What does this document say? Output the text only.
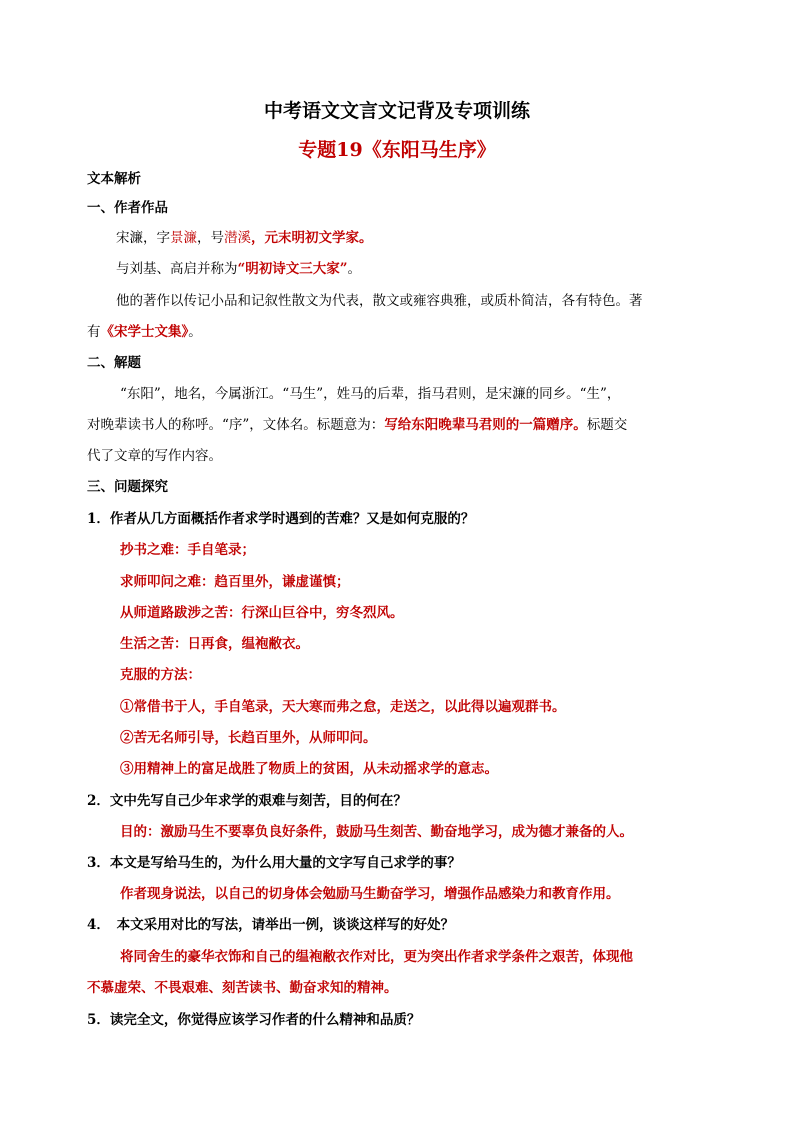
中考语文文言文记背及专项训练
专题19《东阳马生序》
文本解析
一、作者作品
宋濂，字景濂，号潜溪，元末明初文学家。
与刘基、高启并称为“明初诗文三大家”。
他的著作以传记小品和记叙性散文为代表，散文或雍容典雅，或质朴简洁，各有特色。著
有《宋学士文集》。
二、解题
“东阳”，地名，今属浙江。“马生”，姓马的后辈，指马君则，是宋濂的同乡。“生”，
对晚辈读书人的称呼。“序”，文体名。标题意为：写给东阳晚辈马君则的一篇赠序。标题交
代了文章的写作内容。
三、问题探究
1．作者从几方面概括作者求学时遇到的苦难？又是如何克服的？
抄书之难：手自笔录；
求师叩问之难：趋百里外，谦虚谨慎；
从师道路跋涉之苦：行深山巨谷中，穷冬烈风。
生活之苦：日再食，缊袍敝衣。
克服的方法：
①常借书于人，手自笔录，天大寒而弗之怠，走送之，以此得以遍观群书。
②苦无名师引导，长趋百里外，从师叩问。
③用精神上的富足战胜了物质上的贫困，从未动摇求学的意志。
2．文中先写自己少年求学的艰难与刻苦，目的何在？
目的：激励马生不要辜负良好条件，鼓励马生刻苦、勤奋地学习，成为德才兼备的人。
3．本文是写给马生的，为什么用大量的文字写自己求学的事？
作者现身说法，以自己的切身体会勉励马生勤奋学习，增强作品感染力和教育作用。
4．　本文采用对比的写法，请举出一例，谈谈这样写的好处？
将同舍生的豪华衣饰和自己的缊袍敝衣作对比，更为突出作者求学条件之艰苦，体现他
不慕虚荣、不畏艰难、刻苦读书、勤奋求知的精神。
5．读完全文，你觉得应该学习作者的什么精神和品质？
